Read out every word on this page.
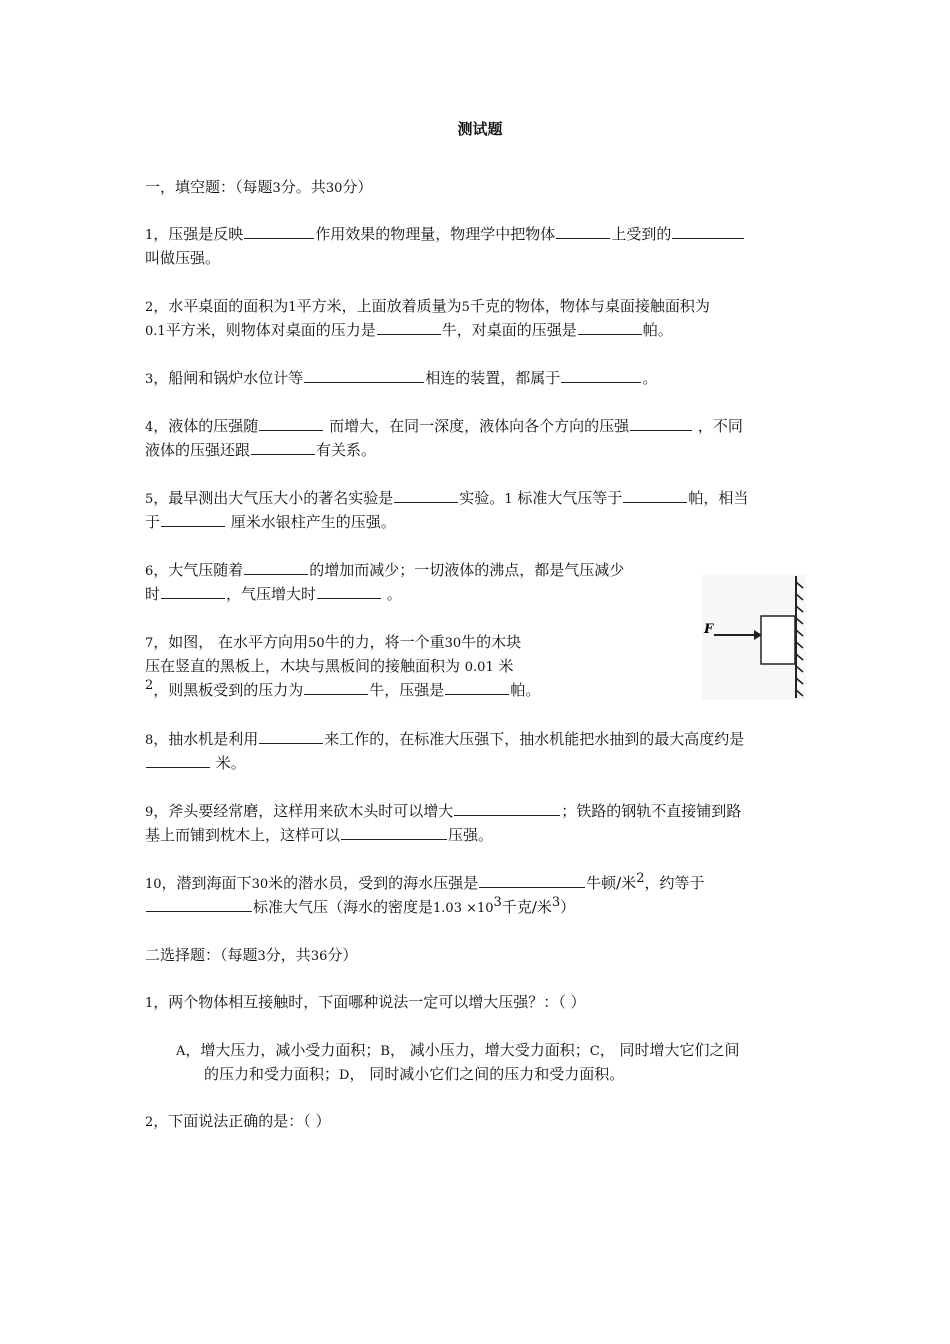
测试题
一，填空题：（每题3分。共30分）
1，压强是反映	作用效果的物理量，物理学中把物体	上受到的
叫做压强。
2，水平桌面的面积为1平方米，上面放着质量为5千克的物体，物体与桌面接触面积为
0.1平方米，则物体对桌面的压力是	牛，对桌面的压强是	帕。
3，船闸和锅炉水位计等	相连的装置，都属于	。
4，液体的压强随	而增大，在同一深度，液体向各个方向的压强	，不同
液体的压强还跟	有关系。
5，最早测出大气压大小的著名实验是	实验。1 标准大气压等于	帕，相当
于	厘米水银柱产生的压强。
6，大气压随着	的增加而减少；一切液体的沸点，都是气压减少
时	，气压增大时	。
7，如图， 在水平方向用50牛的力，将一个重30牛的木块
压在竖直的黑板上，木块与黑板间的接触面积为 0.01 米
$^2$，则黑板受到的压力为	牛，压强是	帕。
F
8，抽水机是利用	来工作的，在标准大压强下，抽水机能把水抽到的最大高度约是
米。
9，斧头要经常磨，这样用来砍木头时可以增大	；铁路的钢轨不直接铺到路
基上而铺到枕木上，这样可以	压强。
10，潜到海面下30米的潜水员，受到的海水压强是	牛顿/米$^2$，约等于
标准大气压（海水的密度是$1.03 \times 10^3$千克/米$^3$）
二选择题：（每题3分，共36分）
1，两个物体相互接触时，下面哪种说法一定可以增大压强？：（ ）
A，增大压力，减小受力面积；B， 减小压力，增大受力面积；C， 同时增大它们之间
的压力和受力面积；D， 同时减小它们之间的压力和受力面积。
2，下面说法正确的是：（ ）
